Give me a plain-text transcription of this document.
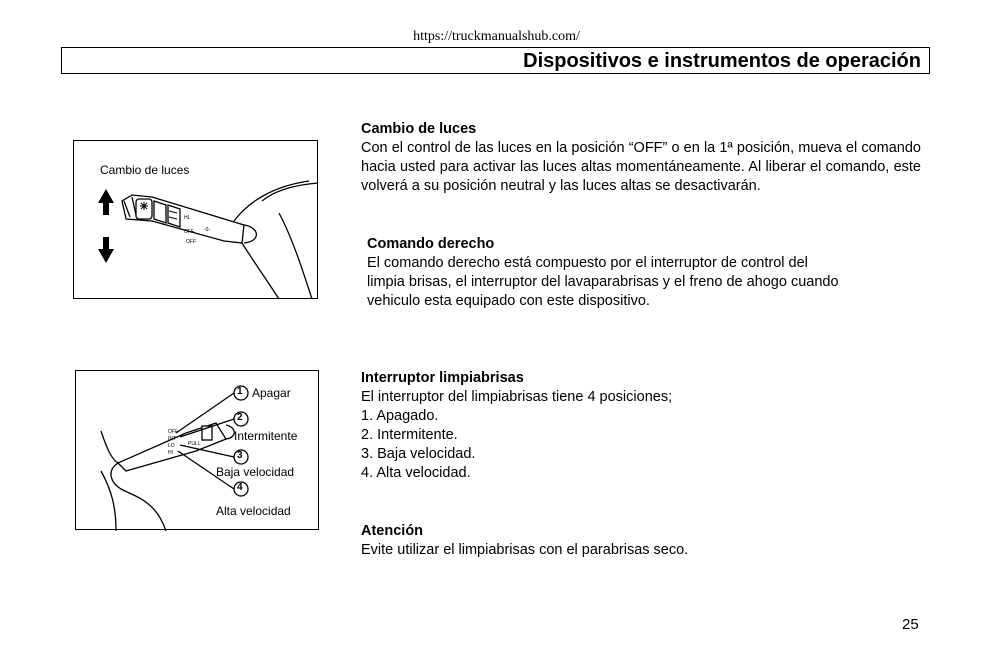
https://truckmanualshub.com/
Dispositivos e instrumentos de operación
Cambio de luces
HL
OFF
OFF
-0-
OFF
INT
LO
HI
PULL
1 Apagar
2
Intermitente
3
Baja velocidad
4
Alta velocidad
Cambio de luces
Con el control de las luces en la posición “OFF” o en la 1ª posición, mueva el comando hacia usted para activar las luces altas momentáneamente. Al liberar el comando, este volverá a su posición neutral y las luces altas se desactivarán.
Comando derecho
El comando derecho está compuesto por el interruptor de control del
limpia brisas, el interruptor del lavaparabrisas y el freno de ahogo cuando
vehiculo esta equipado con este dispositivo.
Interruptor limpiabrisas
El interruptor del limpiabrisas tiene 4 posiciones;
1. Apagado.
2. Intermitente.
3. Baja velocidad.
4. Alta velocidad.
Atención
Evite utilizar el limpiabrisas con el parabrisas seco.
25
